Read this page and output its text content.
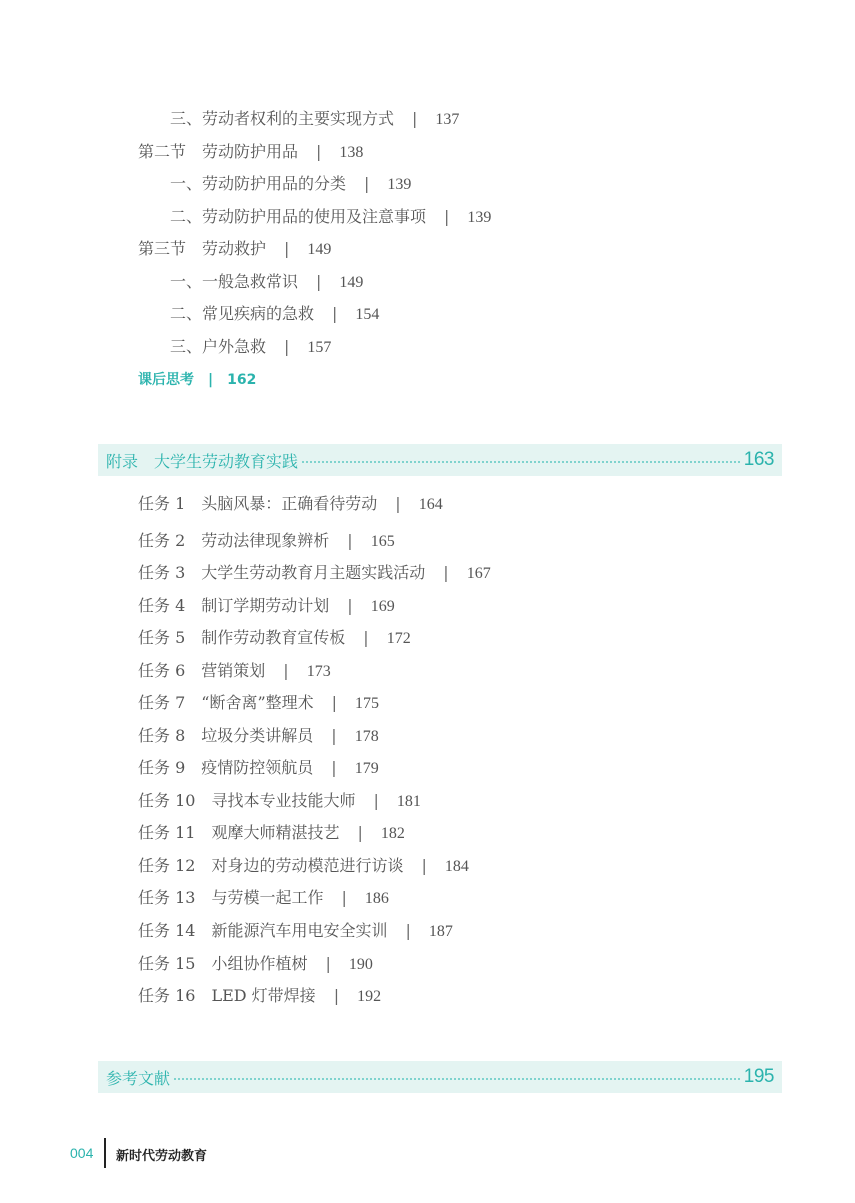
三、劳动者权利的主要实现方式 | 137
第二节　劳动防护用品 | 138
一、劳动防护用品的分类 | 139
二、劳动防护用品的使用及注意事项 | 139
第三节　劳动救护 | 149
一、一般急救常识 | 149
二、常见疾病的急救 | 154
三、户外急救 | 157
课后思考 | 162
附录　大学生劳动教育实践	163
任务 1 头脑风暴：正确看待劳动 | 164
任务 2 劳动法律现象辨析 | 165
任务 3 大学生劳动教育月主题实践活动 | 167
任务 4 制订学期劳动计划 | 169
任务 5 制作劳动教育宣传板 | 172
任务 6 营销策划 | 173
任务 7 “断舍离”整理术 | 175
任务 8 垃圾分类讲解员 | 178
任务 9 疫情防控领航员 | 179
任务 10 寻找本专业技能大师 | 181
任务 11 观摩大师精湛技艺 | 182
任务 12 对身边的劳动模范进行访谈 | 184
任务 13 与劳模一起工作 | 186
任务 14 新能源汽车用电安全实训 | 187
任务 15 小组协作植树 | 190
任务 16 LED 灯带焊接 | 192
参考文献	195
004 新时代劳动教育
